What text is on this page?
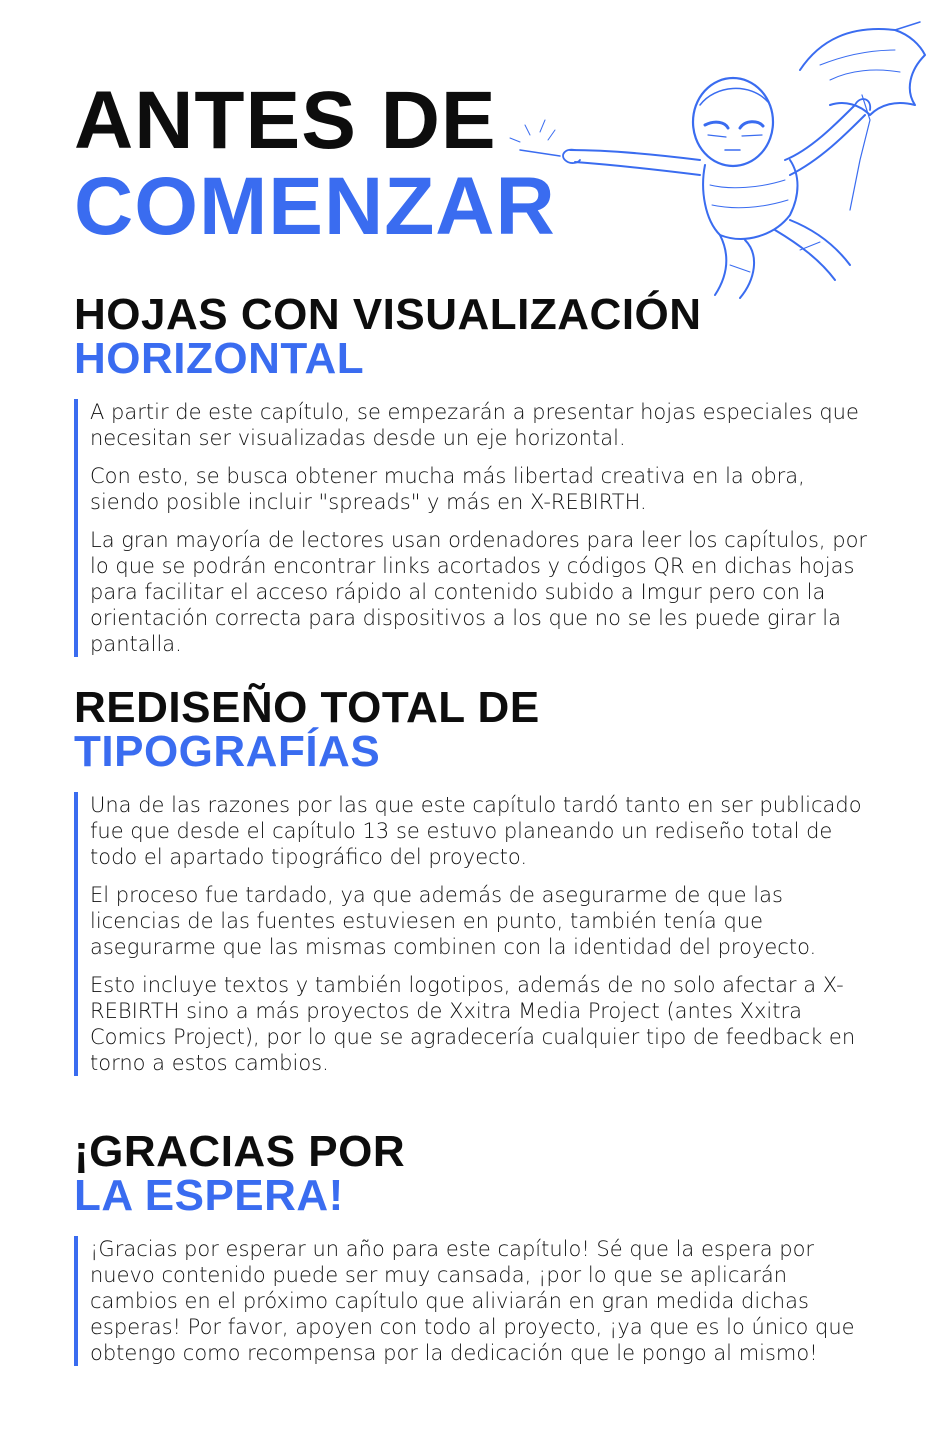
ANTES DE
COMENZAR
HOJAS CON VISUALIZACIÓN
HORIZONTAL

A partir de este capítulo, se empezarán a presentar hojas especiales que necesitan ser visualizadas desde un eje horizontal.

Con esto, se busca obtener mucha más libertad creativa en la obra, siendo posible incluir "spreads" y más en X-REBIRTH.

La gran mayoría de lectores usan ordenadores para leer los capítulos, por lo que se podrán encontrar links acortados y códigos QR en dichas hojas para facilitar el acceso rápido al contenido subido a Imgur pero con la orientación correcta para dispositivos a los que no se les puede girar la pantalla.

REDISEÑO TOTAL DE
TIPOGRAFÍAS

Una de las razones por las que este capítulo tardó tanto en ser publicado fue que desde el capítulo 13 se estuvo planeando un rediseño total de todo el apartado tipográfico del proyecto.

El proceso fue tardado, ya que además de asegurarme de que las licencias de las fuentes estuviesen en punto, también tenía que asegurarme que las mismas combinen con la identidad del proyecto.

Esto incluye textos y también logotipos, además de no solo afectar a X-REBIRTH sino a más proyectos de Xxitra Media Project (antes Xxitra Comics Project), por lo que se agradecería cualquier tipo de feedback en torno a estos cambios.

¡GRACIAS POR
LA ESPERA!

¡Gracias por esperar un año para este capítulo! Sé que la espera por nuevo contenido puede ser muy cansada, ¡por lo que se aplicarán cambios en el próximo capítulo que aliviarán en gran medida dichas esperas! Por favor, apoyen con todo al proyecto, ¡ya que es lo único que obtengo como recompensa por la dedicación que le pongo al mismo!
